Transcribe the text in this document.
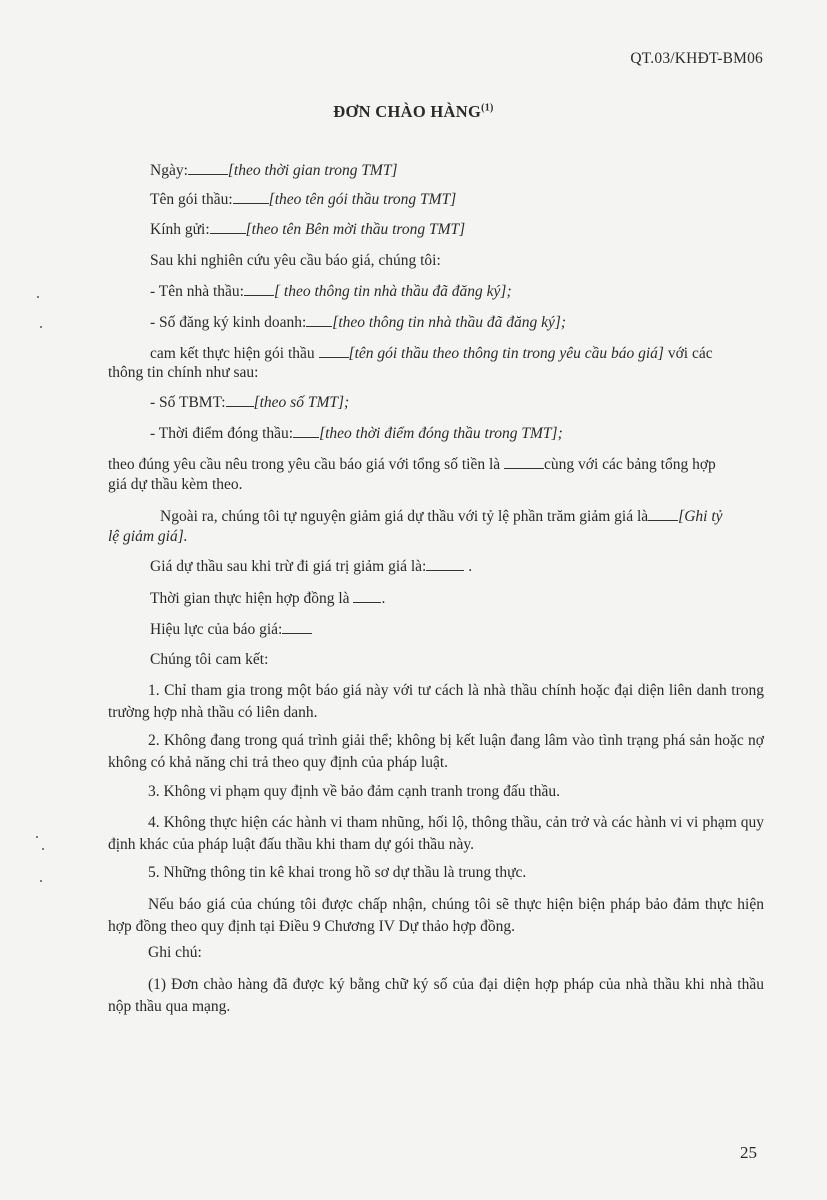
QT.03/KHĐT-BM06
ĐƠN CHÀO HÀNG$^{(1)}$
Ngày:	[theo thời gian trong TMT]
Tên gói thầu: [theo tên gói thầu trong TMT]
Kính gửi: [theo tên Bên mời thầu trong TMT]
Sau khi nghiên cứu yêu cầu báo giá, chúng tôi:
- Tên nhà thầu: [ theo thông tin nhà thầu đã đăng ký];
- Số đăng ký kinh doanh: [theo thông tin nhà thầu đã đăng ký];
cam kết thực hiện gói thầu [tên gói thầu theo thông tin trong yêu cầu báo giá] với các
thông tin chính như sau:
- Số TBMT: [theo số TMT];
- Thời điểm đóng thầu: [theo thời điểm đóng thầu trong TMT];
theo đúng yêu cầu nêu trong yêu cầu báo giá với tổng số tiền là	cùng với các bảng tổng hợp
giá dự thầu kèm theo.
Ngoài ra, chúng tôi tự nguyện giảm giá dự thầu với tỷ lệ phần trăm giảm giá là [Ghi tỷ
lệ giảm giá].
Giá dự thầu sau khi trừ đi giá trị giảm giá là:	.
Thời gian thực hiện hợp đồng là .
Hiệu lực của báo giá:
Chúng tôi cam kết:
1. Chỉ tham gia trong một báo giá này với tư cách là nhà thầu chính hoặc đại diện liên danh trong trường hợp nhà thầu có liên danh.
2. Không đang trong quá trình giải thể; không bị kết luận đang lâm vào tình trạng phá sản hoặc nợ không có khả năng chi trả theo quy định của pháp luật.
3. Không vi phạm quy định về bảo đảm cạnh tranh trong đấu thầu.
4. Không thực hiện các hành vi tham nhũng, hối lộ, thông thầu, cản trở và các hành vi vi phạm quy định khác của pháp luật đấu thầu khi tham dự gói thầu này.
5. Những thông tin kê khai trong hồ sơ dự thầu là trung thực.
Nếu báo giá của chúng tôi được chấp nhận, chúng tôi sẽ thực hiện biện pháp bảo đảm thực hiện hợp đồng theo quy định tại Điều 9 Chương IV Dự thảo hợp đồng.
Ghi chú:
(1) Đơn chào hàng đã được ký bằng chữ ký số của đại diện hợp pháp của nhà thầu khi nhà thầu nộp thầu qua mạng.
25
